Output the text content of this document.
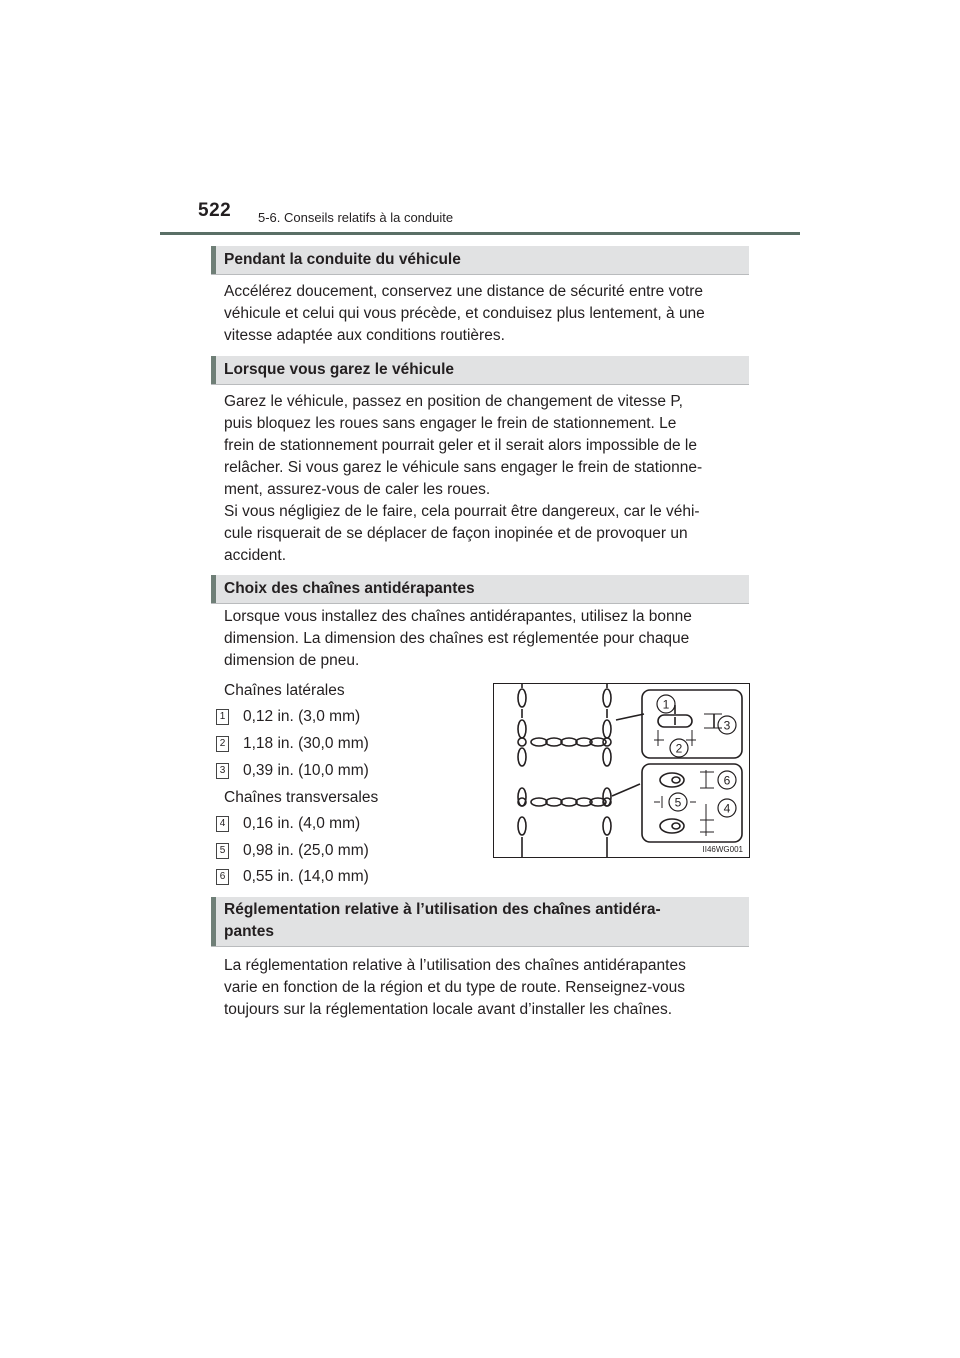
522 5-6. Conseils relatifs à la conduite
Pendant la conduite du véhicule

Accélérez doucement, conservez une distance de sécurité entre votre
véhicule et celui qui vous précède, et conduisez plus lentement, à une
vitesse adaptée aux conditions routières.

Lorsque vous garez le véhicule

Garez le véhicule, passez en position de changement de vitesse P,
puis bloquez les roues sans engager le frein de stationnement. Le
frein de stationnement pourrait geler et il serait alors impossible de le
relâcher. Si vous garez le véhicule sans engager le frein de stationne-
ment, assurez-vous de caler les roues.
Si vous négligiez de le faire, cela pourrait être dangereux, car le véhi-
cule risquerait de se déplacer de façon inopinée et de provoquer un
accident.

Choix des chaînes antidérapantes

Lorsque vous installez des chaînes antidérapantes, utilisez la bonne
dimension. La dimension des chaînes est réglementée pour chaque
dimension de pneu.

Chaînes latérales
1 0,12 in. (3,0 mm)
2 1,18 in. (30,0 mm)
3 0,39 in. (10,0 mm)
Chaînes transversales
4 0,16 in. (4,0 mm)
5 0,98 in. (25,0 mm)
6 0,55 in. (14,0 mm)
1
2
3
4
5
6
II46WG001
Réglementation relative à l’utilisation des chaînes antidéra-
pantes

La réglementation relative à l’utilisation des chaînes antidérapantes
varie en fonction de la région et du type de route. Renseignez-vous
toujours sur la réglementation locale avant d’installer les chaînes.
